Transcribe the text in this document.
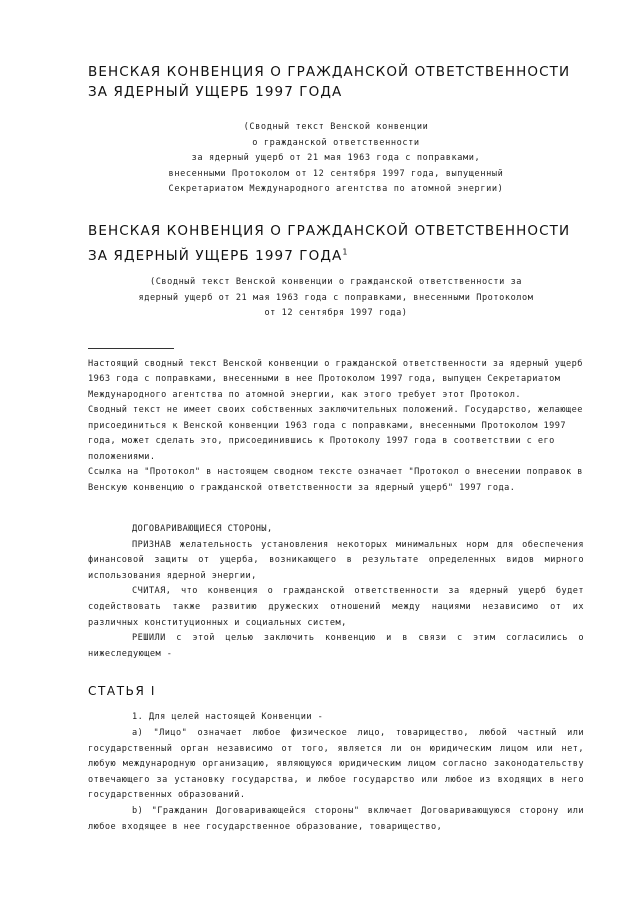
ВЕНСКАЯ КОНВЕНЦИЯ О ГРАЖДАНСКОЙ ОТВЕТСТВЕННОСТИ
ЗА ЯДЕРНЫЙ УЩЕРБ 1997 ГОДА
(Сводный текст Венской конвенции
о гражданской ответственности
за ядерный ущерб от 21 мая 1963 года с поправками,
внесенными Протоколом от 12 сентября 1997 года, выпущенный
Секретариатом Международного агентства по атомной энергии)
ВЕНСКАЯ КОНВЕНЦИЯ О ГРАЖДАНСКОЙ ОТВЕТСТВЕННОСТИ ЗА ЯДЕРНЫЙ УЩЕРБ 1997 ГОДА$^1$
(Сводный текст Венской конвенции о гражданской ответственности за
ядерный ущерб от 21 мая 1963 года с поправками, внесенными Протоколом
от 12 сентября 1997 года)

Настоящий сводный текст Венской конвенции о гражданской ответственности за ядерный ущерб 1963 года с поправками, внесенными в нее Протоколом 1997 года, выпущен Секретариатом Международного агентства по атомной энергии, как этого требует этот Протокол.

Сводный текст не имеет своих собственных заключительных положений. Государство, желающее присоединиться к Венской конвенции 1963 года с поправками, внесенными Протоколом 1997 года, может сделать это, присоединившись к Протоколу 1997 года в соответствии с его положениями.

Ссылка на "Протокол" в настоящем сводном тексте означает "Протокол о внесении поправок в Венскую конвенцию о гражданской ответственности за ядерный ущерб" 1997 года.

ДОГОВАРИВАЮЩИЕСЯ СТОРОНЫ,

ПРИЗНАВ желательность установления некоторых минимальных норм для обеспечения финансовой защиты от ущерба, возникающего в результате определенных видов мирного использования ядерной энергии,

СЧИТАЯ, что конвенция о гражданской ответственности за ядерный ущерб будет содействовать также развитию дружеских отношений между нациями независимо от их различных конституционных и социальных систем,

РЕШИЛИ с этой целью заключить конвенцию и в связи с этим согласились о нижеследующем -

СТАТЬЯ I

1. Для целей настоящей Конвенции -

a) "Лицо" означает любое физическое лицо, товарищество, любой частный или государственный орган независимо от того, является ли он юридическим лицом или нет, любую международную организацию, являющуюся юридическим лицом согласно законодательству отвечающего за установку государства, и любое государство или любое из входящих в него государственных образований.

b) "Гражданин Договаривающейся стороны" включает Договаривающуюся сторону или любое входящее в нее государственное образование, товарищество,
